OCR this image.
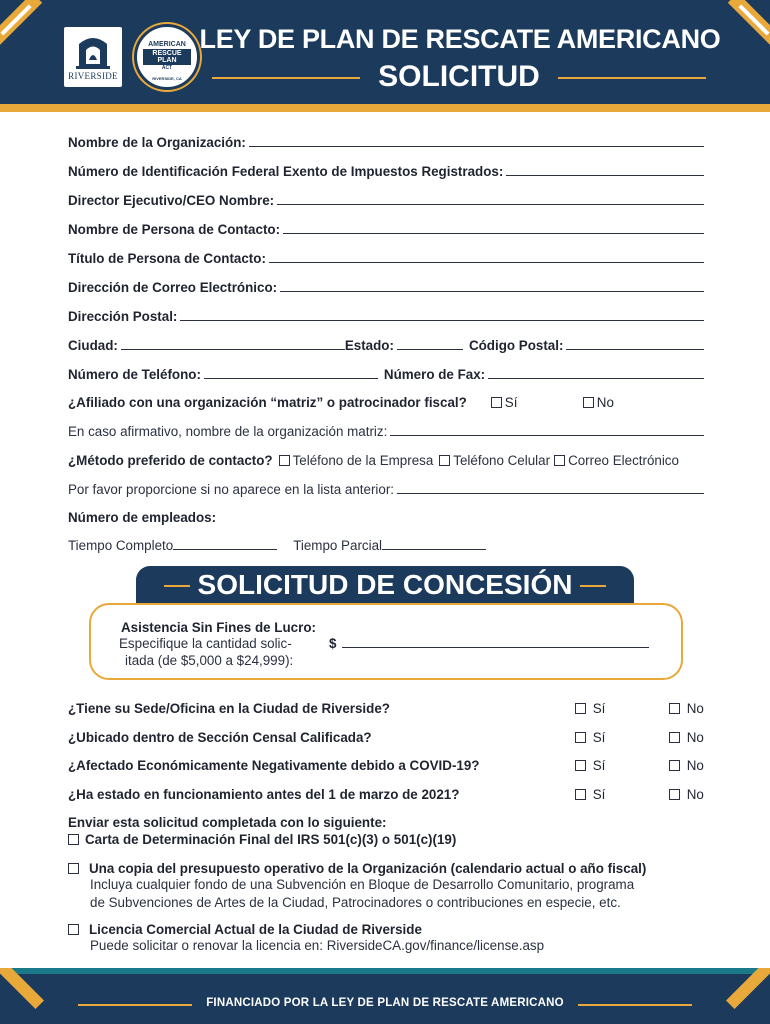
RIVERSIDE
AMERICAN
RESCUE PLAN
ACT
RIVERSIDE, CA
LEY DE PLAN DE RESCATE AMERICANO
SOLICITUD
Nombre de la Organización:
Número de Identificación Federal Exento de Impuestos Registrados:
Director Ejecutivo/CEO Nombre:
Nombre de Persona de Contacto:
Título de Persona de Contacto:
Dirección de Correo Electrónico:
Dirección Postal:
Ciudad:	Estado:	Código Postal:
Número de Teléfono:	Número de Fax:
¿Afiliado con una organización “matriz” o patrocinador fiscal?	Sí	No
En caso afirmativo, nombre de la organización matriz:
¿Método preferido de contacto?	Teléfono de la Empresa Teléfono Celular Correo Electrónico
Por favor proporcione si no aparece en la lista anterior:
Número de empleados:
Tiempo Completo	Tiempo Parcial
SOLICITUD DE CONCESIÓN
Asistencia Sin Fines de Lucro:
Especifique la cantidad solic-
itada (de $5,000 a $24,999):
$
¿Tiene su Sede/Oficina en la Ciudad de Riverside?	Sí	No
¿Ubicado dentro de Sección Censal Calificada?	Sí	No
¿Afectado Económicamente Negativamente debido a COVID-19?	Sí	No
¿Ha estado en funcionamiento antes del 1 de marzo de 2021?	Sí	No
Enviar esta solicitud completada con lo siguiente:
Carta de Determinación Final del IRS 501(c)(3) o 501(c)(19)
Una copia del presupuesto operativo de la Organización (calendario actual o año fiscal)
Incluya cualquier fondo de una Subvención en Bloque de Desarrollo Comunitario, programa
de Subvenciones de Artes de la Ciudad, Patrocinadores o contribuciones en especie, etc.
Licencia Comercial Actual de la Ciudad de Riverside
Puede solicitar o renovar la licencia en: RiversideCA.gov/finance/license.asp
FINANCIADO POR LA LEY DE PLAN DE RESCATE AMERICANO
